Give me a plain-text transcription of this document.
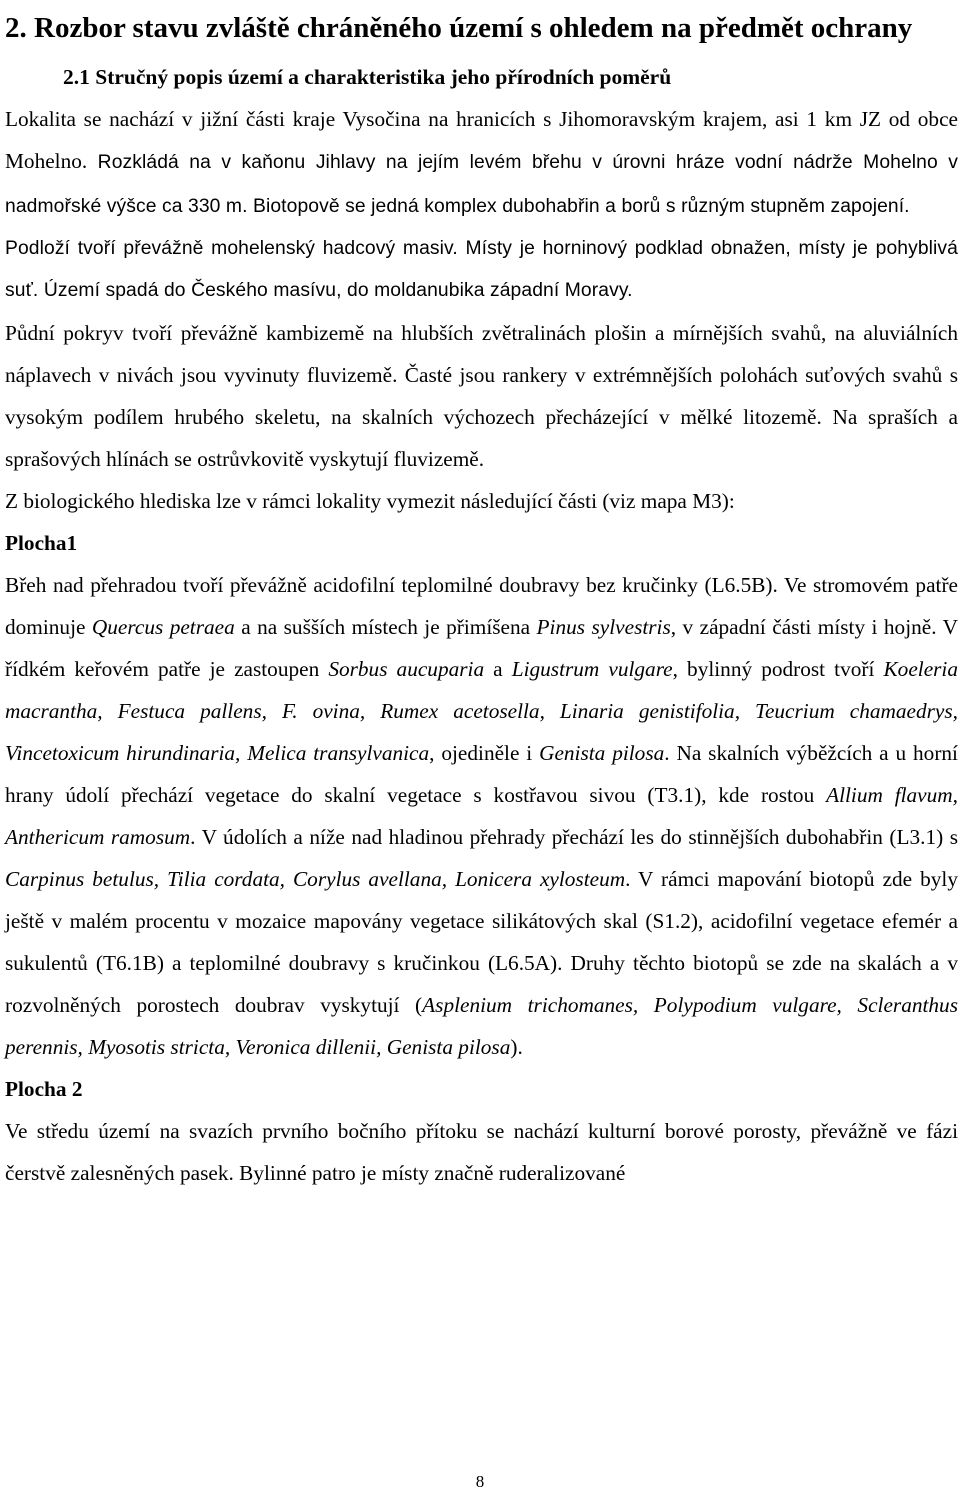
2. Rozbor stavu zvláště chráněného území s ohledem na předmět ochrany
2.1 Stručný popis území a charakteristika jeho přírodních poměrů

Lokalita se nachází v jižní části kraje Vysočina na hranicích s Jihomoravským krajem, asi 1 km JZ od obce Mohelno. Rozkládá na v kaňonu Jihlavy na jejím levém břehu v úrovni hráze vodní nádrže Mohelno v nadmořské výšce ca 330 m. Biotopově se jedná komplex dubohabřin a borů s různým stupněm zapojení.

Podloží tvoří převážně mohelenský hadcový masiv. Místy je horninový podklad obnažen, místy je pohyblivá suť. Území spadá do Českého masívu, do moldanubika západní Moravy.

Půdní pokryv tvoří převážně kambizemě na hlubších zvětralinách plošin a mírnějších svahů, na aluviálních náplavech v nivách jsou vyvinuty fluvizemě. Časté jsou rankery v extrémnějších polohách suťových svahů s vysokým podílem hrubého skeletu, na skalních výchozech přecházející v mělké litozemě. Na spraších a sprašových hlínách se ostrůvkovitě vyskytují fluvizemě.

Z biologického hlediska lze v rámci lokality vymezit následující části (viz mapa M3):

Plocha1

Břeh nad přehradou tvoří převážně acidofilní teplomilné doubravy bez kručinky (L6.5B). Ve stromovém patře dominuje Quercus petraea a na sušších místech je přimíšena Pinus sylvestris, v západní části místy i hojně. V řídkém keřovém patře je zastoupen Sorbus aucuparia a Ligustrum vulgare, bylinný podrost tvoří Koeleria macrantha, Festuca pallens, F. ovina, Rumex acetosella, Linaria genistifolia, Teucrium chamaedrys, Vincetoxicum hirundinaria, Melica transylvanica, ojediněle i Genista pilosa. Na skalních výběžcích a u horní hrany údolí přechází vegetace do skalní vegetace s kostřavou sivou (T3.1), kde rostou Allium flavum, Anthericum ramosum. V údolích a níže nad hladinou přehrady přechází les do stinnějších dubohabřin (L3.1) s Carpinus betulus, Tilia cordata, Corylus avellana, Lonicera xylosteum. V rámci mapování biotopů zde byly ještě v malém procentu v mozaice mapovány vegetace silikátových skal (S1.2), acidofilní vegetace efemér a sukulentů (T6.1B) a teplomilné doubravy s kručinkou (L6.5A). Druhy těchto biotopů se zde na skalách a v rozvolněných porostech doubrav vyskytují (Asplenium trichomanes, Polypodium vulgare, Scleranthus perennis, Myosotis stricta, Veronica dillenii, Genista pilosa).

Plocha 2

Ve středu území na svazích prvního bočního přítoku se nachází kulturní borové porosty, převážně ve fázi čerstvě zalesněných pasek. Bylinné patro je místy značně ruderalizované

8
